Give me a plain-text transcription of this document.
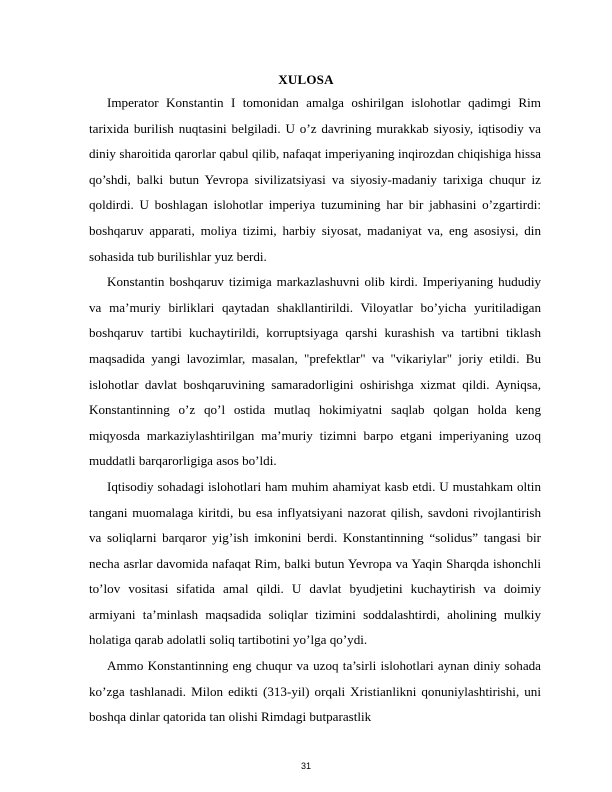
XULOSA

Imperator Konstantin I tomonidan amalga oshirilgan islohotlar qadimgi Rim tarixida burilish nuqtasini belgiladi. U o’z davrining murakkab siyosiy, iqtisodiy va diniy sharoitida qarorlar qabul qilib, nafaqat imperiyaning inqirozdan chiqishiga hissa qo’shdi, balki butun Yevropa sivilizatsiyasi va siyosiy-madaniy tarixiga chuqur iz qoldirdi. U boshlagan islohotlar imperiya tuzumining har bir jabhasini o’zgartirdi: boshqaruv apparati, moliya tizimi, harbiy siyosat, madaniyat va, eng asosiysi, din sohasida tub burilishlar yuz berdi.

Konstantin boshqaruv tizimiga markazlashuvni olib kirdi. Imperiyaning hududiy va ma’muriy birliklari qaytadan shakllantirildi. Viloyatlar bo’yicha yuritiladigan boshqaruv tartibi kuchaytirildi, korruptsiyaga qarshi kurashish va tartibni tiklash maqsadida yangi lavozimlar, masalan, "prefektlar" va "vikariylar" joriy etildi. Bu islohotlar davlat boshqaruvining samaradorligini oshirishga xizmat qildi. Ayniqsa, Konstantinning o’z qo’l ostida mutlaq hokimiyatni saqlab qolgan holda keng miqyosda markaziylashtirilgan ma’muriy tizimni barpo etgani imperiyaning uzoq muddatli barqarorligiga asos bo’ldi.

Iqtisodiy sohadagi islohotlari ham muhim ahamiyat kasb etdi. U mustahkam oltin tangani muomalaga kiritdi, bu esa inflyatsiyani nazorat qilish, savdoni rivojlantirish va soliqlarni barqaror yig’ish imkonini berdi. Konstantinning “solidus” tangasi bir necha asrlar davomida nafaqat Rim, balki butun Yevropa va Yaqin Sharqda ishonchli to’lov vositasi sifatida amal qildi. U davlat byudjetini kuchaytirish va doimiy armiyani ta’minlash maqsadida soliqlar tizimini soddalashtirdi, aholining mulkiy holatiga qarab adolatli soliq tartibotini yo’lga qo’ydi.

Ammo Konstantinning eng chuqur va uzoq ta’sirli islohotlari aynan diniy sohada ko’zga tashlanadi. Milon edikti (313-yil) orqali Xristianlikni qonuniylashtirishi, uni boshqa dinlar qatorida tan olishi Rimdagi butparastlik

31
